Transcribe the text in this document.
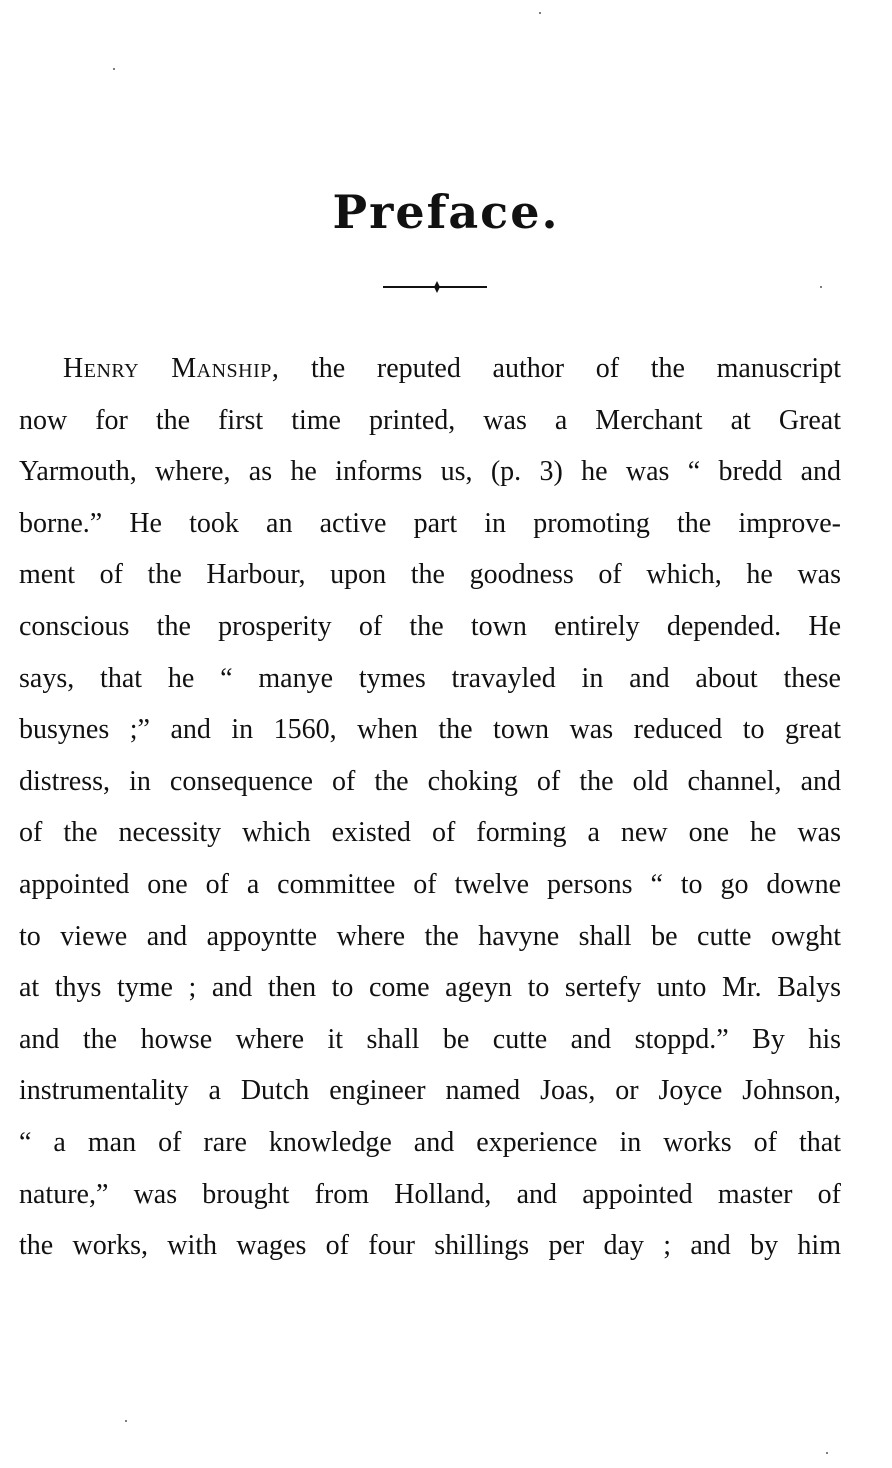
Preface.
Henry Manship, the reputed author of the manuscript
now for the first time printed, was a Merchant at Great
Yarmouth, where, as he informs us, (p. 3) he was “ bredd and
borne.” He took an active part in promoting the improve-
ment of the Harbour, upon the goodness of which, he was
conscious the prosperity of the town entirely depended. He
says, that he “ manye tymes travayled in and about these
busynes ;” and in 1560, when the town was reduced to great
distress, in consequence of the choking of the old channel, and
of the necessity which existed of forming a new one he was
appointed one of a committee of twelve persons “ to go downe
to viewe and appoyntte where the havyne shall be cutte owght
at thys tyme ; and then to come ageyn to sertefy unto Mr. Balys
and the howse where it shall be cutte and stoppd.” By his
instrumentality a Dutch engineer named Joas, or Joyce Johnson,
“ a man of rare knowledge and experience in works of that
nature,” was brought from Holland, and appointed master of
the works, with wages of four shillings per day ; and by him
